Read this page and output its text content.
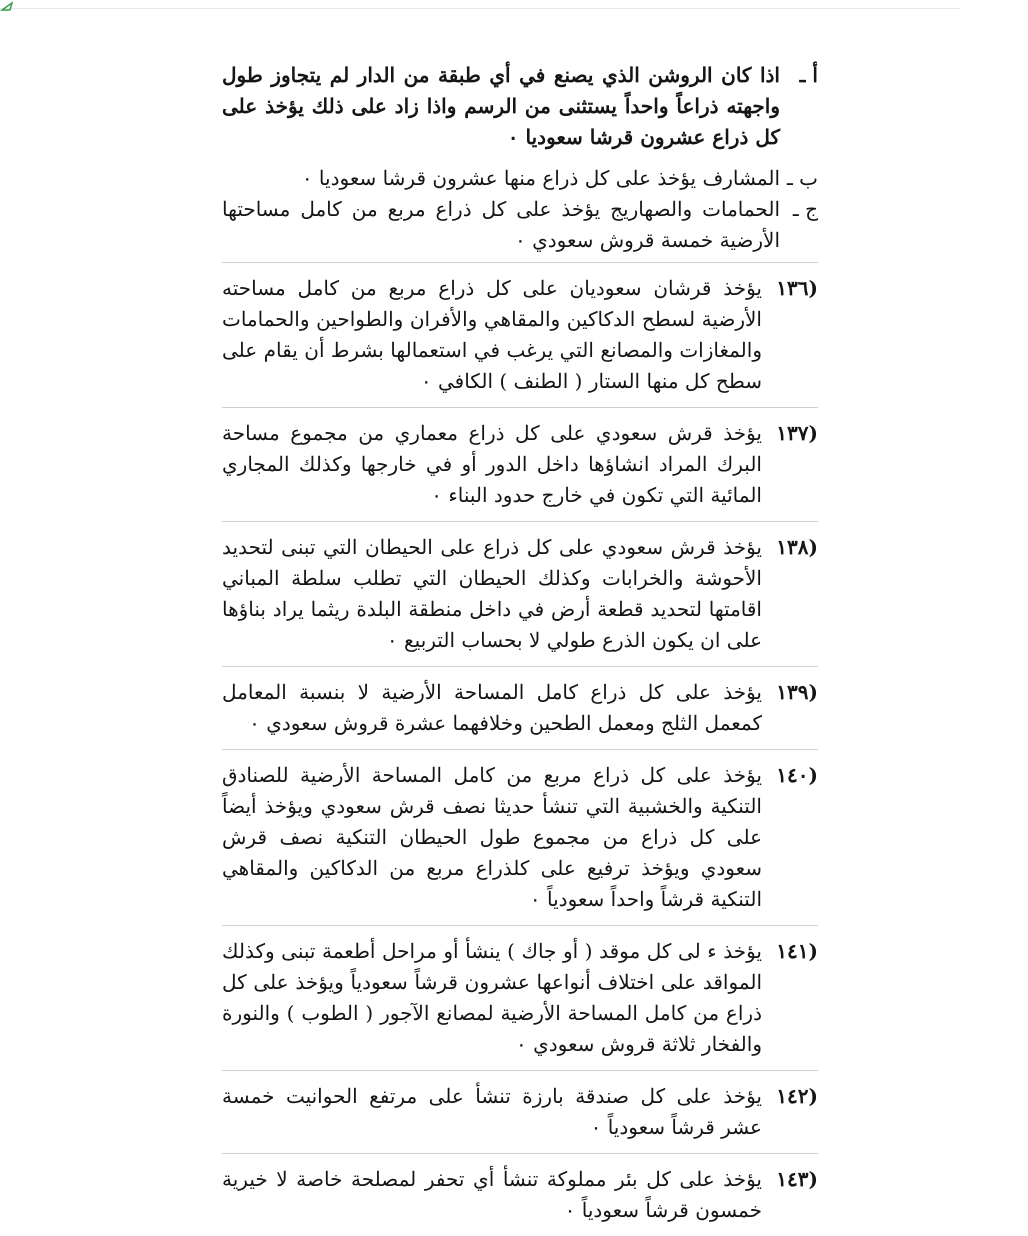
أ ـ
اذا كان الروشن الذي يصنع في أي طبقة من الدار لم يتجاوز طول واجهته ذراعاً واحداً يستثنى من الرسم واذا زاد على ذلك يؤخذ على كل ذراع عشرون قرشا سعوديا ٠
ب ـ
المشارف يؤخذ على كل ذراع منها عشرون قرشا سعوديا ٠
ج ـ
الحمامات والصهاريج يؤخذ على كل ذراع مربع من كامل مساحتها الأرضية خمسة قروش سعودي ٠
(١٣٦
يؤخذ قرشان سعوديان على كل ذراع مربع من كامل مساحته الأرضية لسطح الدكاكين والمقاهي والأفران والطواحين والحمامات والمغازات والمصانع التي يرغب في استعمالها بشرط أن يقام على سطح كل منها الستار ( الطنف ) الكافي ٠
(١٣٧
يؤخذ قرش سعودي على كل ذراع معماري من مجموع مساحة البرك المراد انشاؤها داخل الدور أو في خارجها وكذلك المجاري المائية التي تكون في خارج حدود البناء ٠
(١٣٨
يؤخذ قرش سعودي على كل ذراع على الحيطان التي تبنى لتحديد الأحوشة والخرابات وكذلك الحيطان التي تطلب سلطة المباني اقامتها لتحديد قطعة أرض في داخل منطقة البلدة ريثما يراد بناؤها على ان يكون الذرع طولي لا بحساب التربيع ٠
(١٣٩
يؤخذ على كل ذراع كامل المساحة الأرضية لا بنسبة المعامل كمعمل الثلج ومعمل الطحين وخلافهما عشرة قروش سعودي ٠
(١٤٠
يؤخذ على كل ذراع مربع من كامل المساحة الأرضية للصنادق التنكية والخشبية التي تنشأ حديثا نصف قرش سعودي ويؤخذ أيضاً على كل ذراع من مجموع طول الحيطان التنكية نصف قرش سعودي ويؤخذ ترفيع على كلذراع مربع من الدكاكين والمقاهي التنكية قرشاً واحداً سعودياً ٠
(١٤١
يؤخذ ء لى كل موقد ( أو جاك ) ينشأ أو مراحل أطعمة تبنى وكذلك المواقد على اختلاف أنواعها عشرون قرشاً سعودياً ويؤخذ على كل ذراع من كامل المساحة الأرضية لمصانع الآجور ( الطوب ) والنورة والفخار ثلاثة قروش سعودي ٠
(١٤٢
يؤخذ على كل صندقة بارزة تنشأ على مرتفع الحوانيت خمسة عشر قرشاً سعودياً ٠
(١٤٣
يؤخذ على كل بئر مملوكة تنشأ أي تحفر لمصلحة خاصة لا خيرية خمسون قرشاً سعودياً ٠
